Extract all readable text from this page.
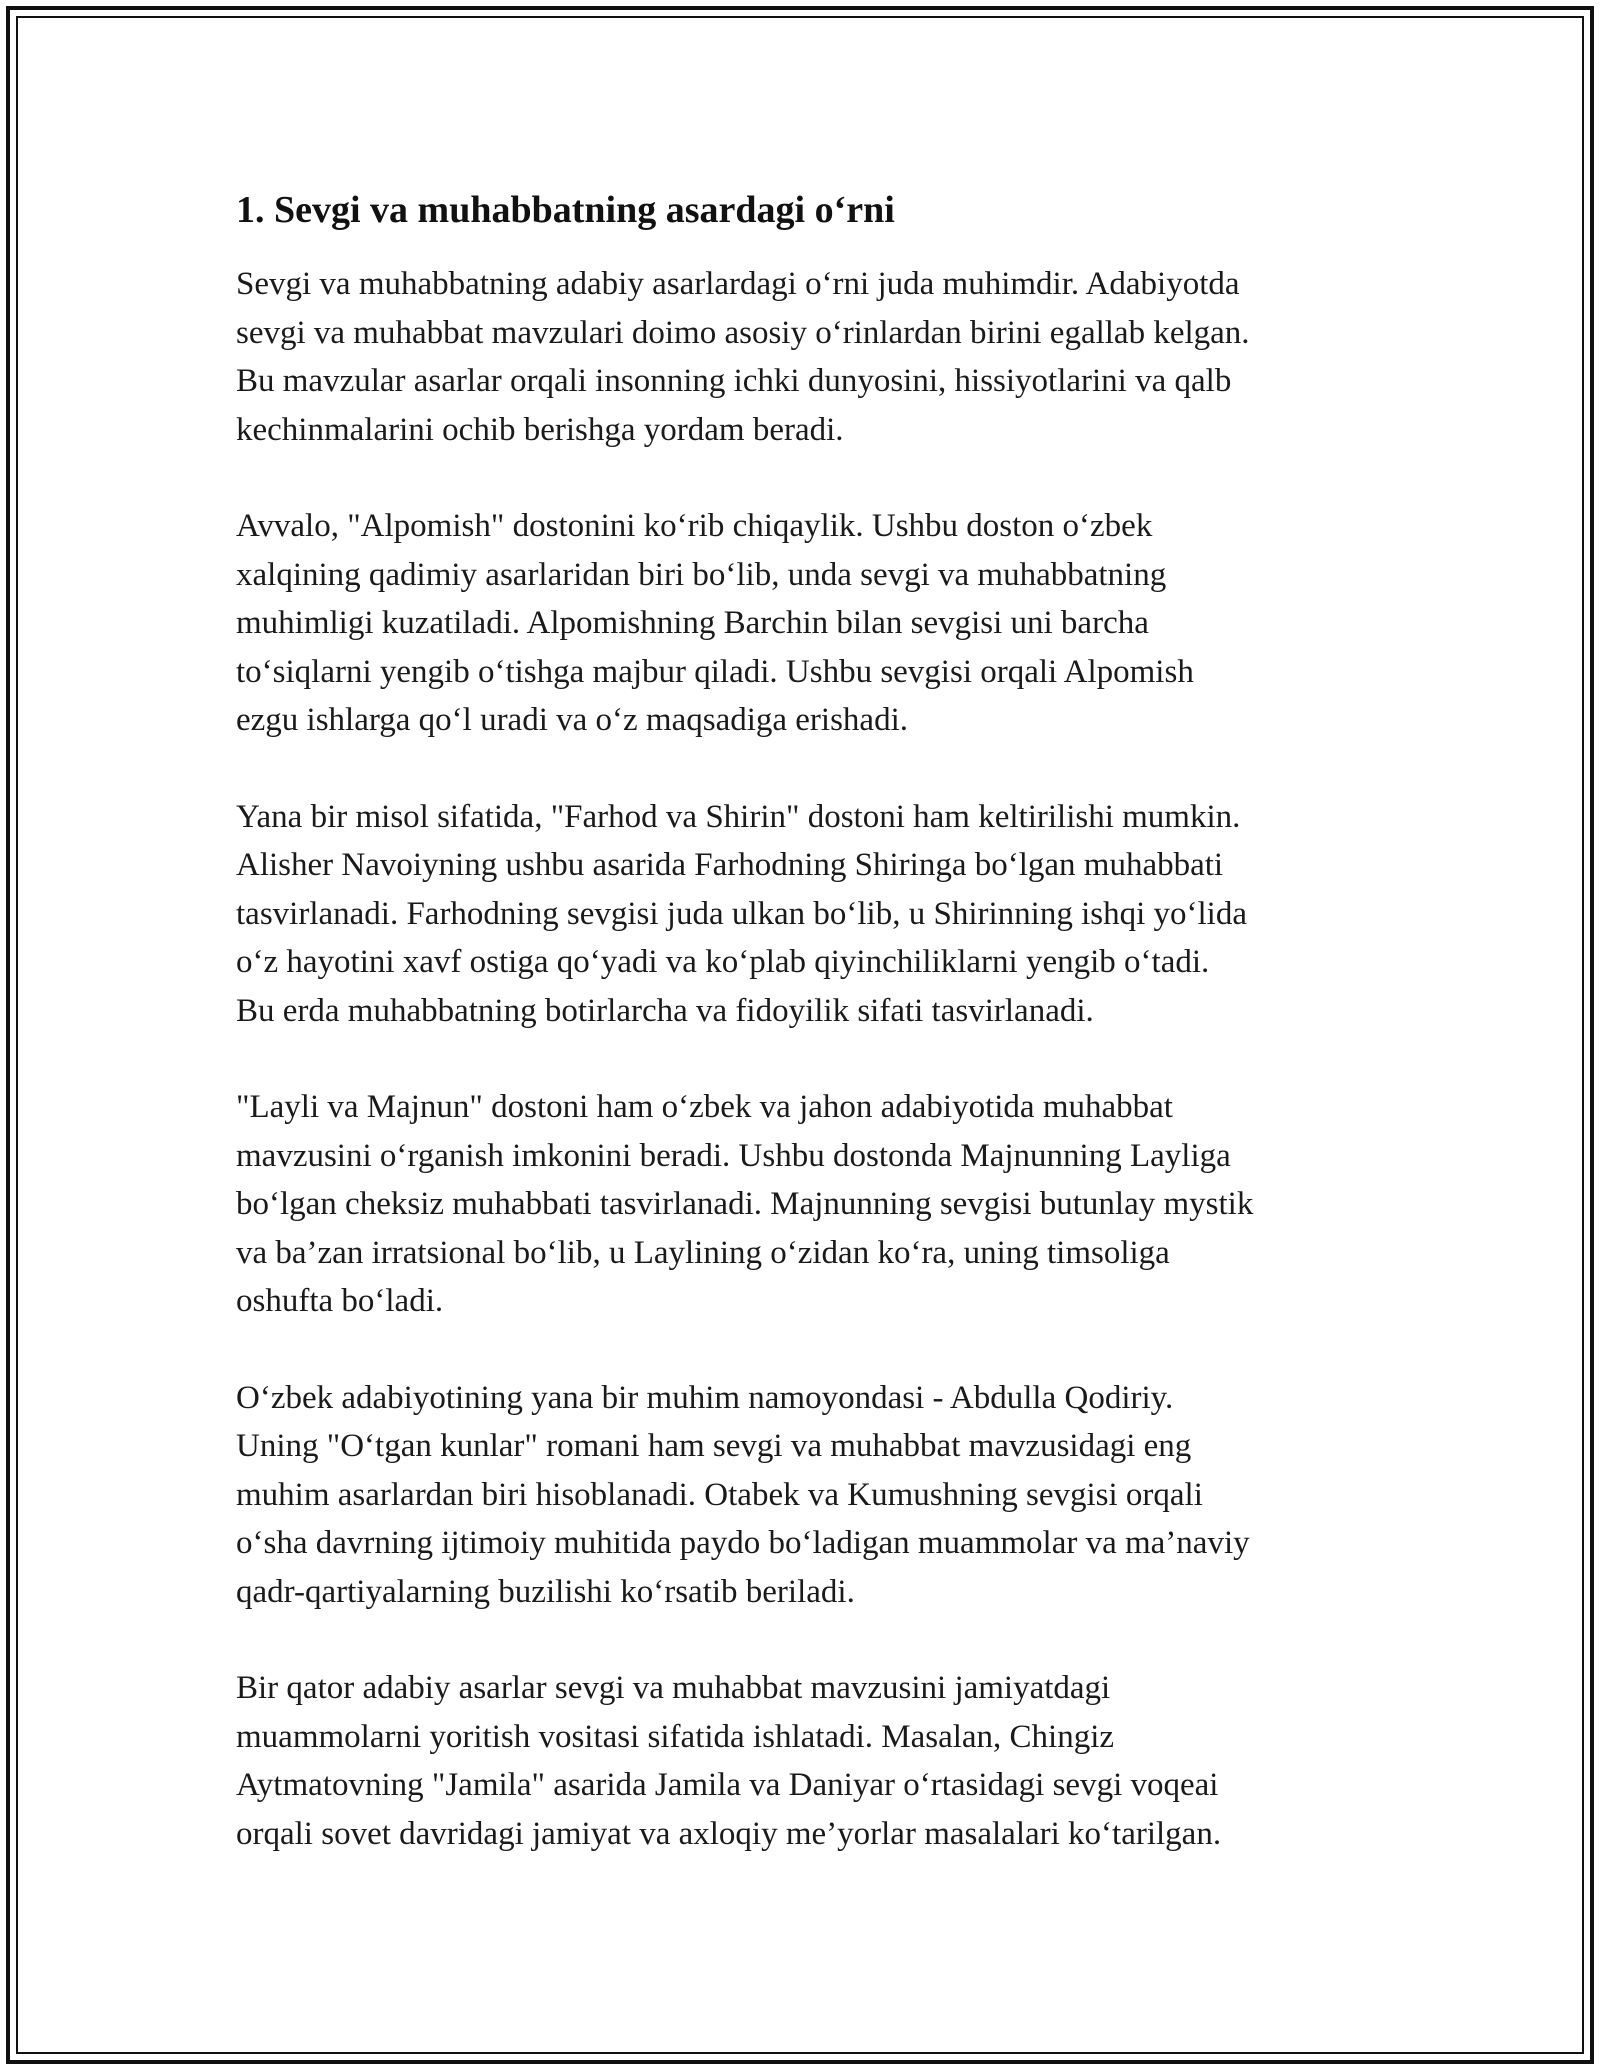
1. Sevgi va muhabbatning asardagi o‘rni

Sevgi va muhabbatning adabiy asarlardagi o‘rni juda muhimdir. Adabiyotda
sevgi va muhabbat mavzulari doimo asosiy o‘rinlardan birini egallab kelgan.
Bu mavzular asarlar orqali insonning ichki dunyosini, hissiyotlarini va qalb
kechinmalarini ochib berishga yordam beradi.

Avvalo, "Alpomish" dostonini ko‘rib chiqaylik. Ushbu doston o‘zbek
xalqining qadimiy asarlaridan biri bo‘lib, unda sevgi va muhabbatning
muhimligi kuzatiladi. Alpomishning Barchin bilan sevgisi uni barcha
to‘siqlarni yengib o‘tishga majbur qiladi. Ushbu sevgisi orqali Alpomish
ezgu ishlarga qo‘l uradi va o‘z maqsadiga erishadi.

Yana bir misol sifatida, "Farhod va Shirin" dostoni ham keltirilishi mumkin.
Alisher Navoiyning ushbu asarida Farhodning Shiringa bo‘lgan muhabbati
tasvirlanadi. Farhodning sevgisi juda ulkan bo‘lib, u Shirinning ishqi yo‘lida
o‘z hayotini xavf ostiga qo‘yadi va ko‘plab qiyinchiliklarni yengib o‘tadi.
Bu erda muhabbatning botirlarcha va fidoyilik sifati tasvirlanadi.

"Layli va Majnun" dostoni ham o‘zbek va jahon adabiyotida muhabbat
mavzusini o‘rganish imkonini beradi. Ushbu dostonda Majnunning Layliga
bo‘lgan cheksiz muhabbati tasvirlanadi. Majnunning sevgisi butunlay mystik
va ba’zan irratsional bo‘lib, u Laylining o‘zidan ko‘ra, uning timsoliga
oshufta bo‘ladi.

O‘zbek adabiyotining yana bir muhim namoyondasi - Abdulla Qodiriy.
Uning "O‘tgan kunlar" romani ham sevgi va muhabbat mavzusidagi eng
muhim asarlardan biri hisoblanadi. Otabek va Kumushning sevgisi orqali
o‘sha davrning ijtimoiy muhitida paydo bo‘ladigan muammolar va ma’naviy
qadr-qartiyalarning buzilishi ko‘rsatib beriladi.

Bir qator adabiy asarlar sevgi va muhabbat mavzusini jamiyatdagi
muammolarni yoritish vositasi sifatida ishlatadi. Masalan, Chingiz
Aytmatovning "Jamila" asarida Jamila va Daniyar o‘rtasidagi sevgi voqeai
orqali sovet davridagi jamiyat va axloqiy me’yorlar masalalari ko‘tarilgan.
